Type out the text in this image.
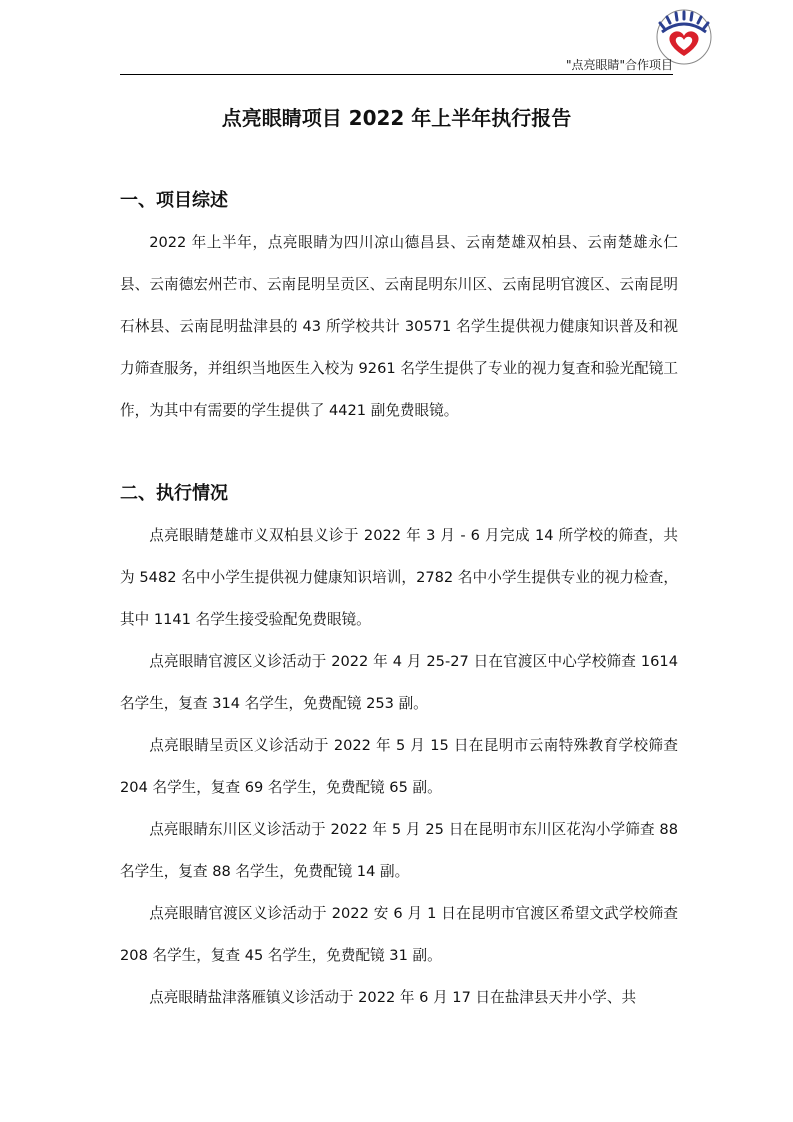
"点亮眼睛"合作项目
点亮眼睛项目 2022 年上半年执行报告
一、项目综述

2022 年上半年，点亮眼睛为四川凉山德昌县、云南楚雄双柏县、云南楚雄永仁县、云南德宏州芒市、云南昆明呈贡区、云南昆明东川区、云南昆明官渡区、云南昆明石林县、云南昆明盐津县的 43 所学校共计 30571 名学生提供视力健康知识普及和视力筛查服务，并组织当地医生入校为 9261 名学生提供了专业的视力复查和验光配镜工作，为其中有需要的学生提供了 4421 副免费眼镜。

二、执行情况

点亮眼睛楚雄市义双柏县义诊于 2022 年 3 月 - 6 月完成 14 所学校的筛查，共为 5482 名中小学生提供视力健康知识培训，2782 名中小学生提供专业的视力检查，其中 1141 名学生接受验配免费眼镜。

点亮眼睛官渡区义诊活动于 2022 年 4 月 25-27 日在官渡区中心学校筛查 1614 名学生，复查 314 名学生，免费配镜 253 副。

点亮眼睛呈贡区义诊活动于 2022 年 5 月 15 日在昆明市云南特殊教育学校筛查 204 名学生，复查 69 名学生，免费配镜 65 副。

点亮眼睛东川区义诊活动于 2022 年 5 月 25 日在昆明市东川区花沟小学筛查 88 名学生，复查 88 名学生，免费配镜 14 副。

点亮眼睛官渡区义诊活动于 2022 安 6 月 1 日在昆明市官渡区希望文武学校筛查 208 名学生，复查 45 名学生，免费配镜 31 副。

点亮眼睛盐津落雁镇义诊活动于 2022 年 6 月 17 日在盐津县天井小学、共
